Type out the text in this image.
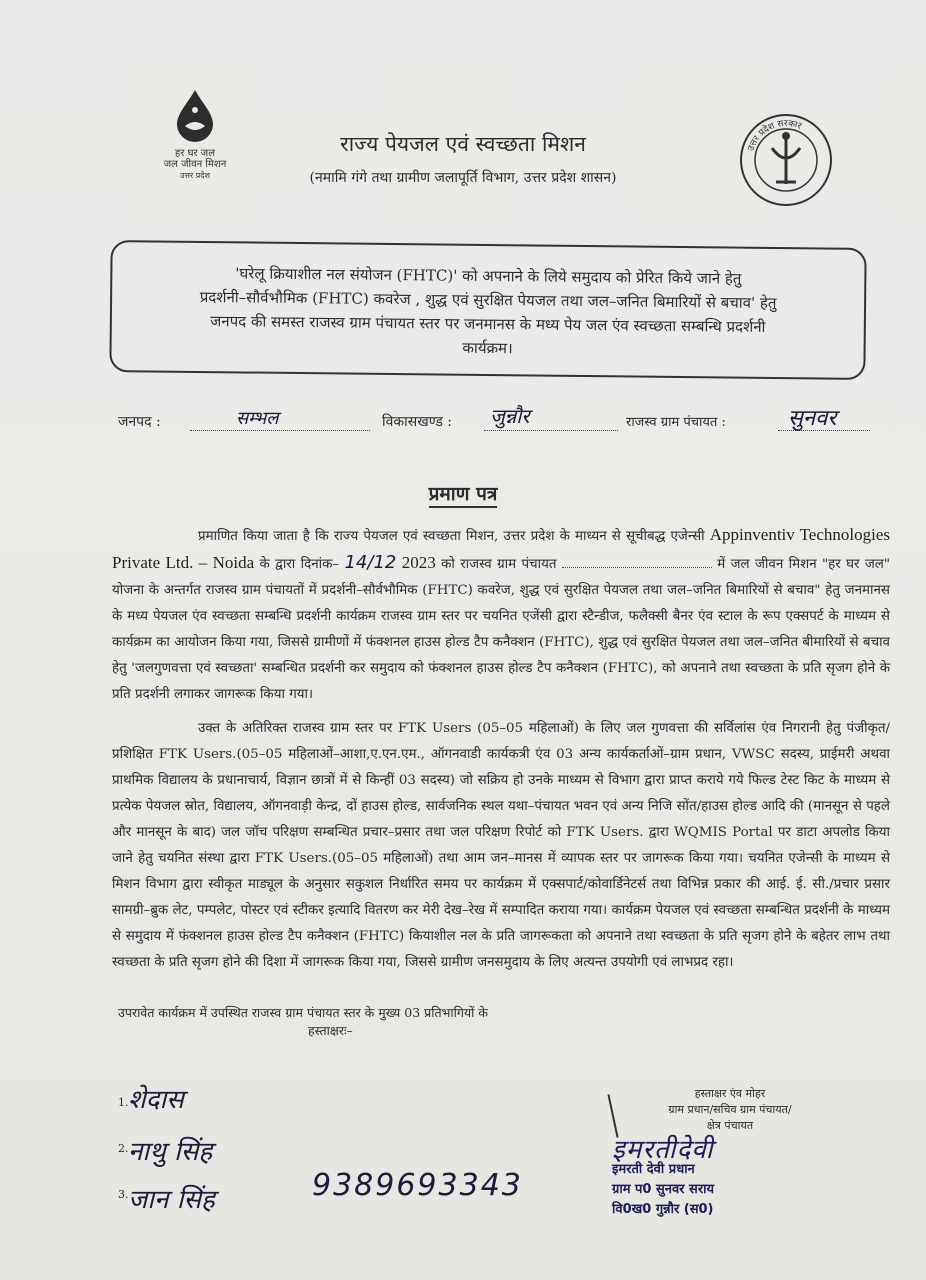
हर घर जल
जल जीवन मिशन
उत्तर प्रदेश
राज्य पेयजल एवं स्वच्छता मिशन
(नमामि गंगे तथा ग्रामीण जलापूर्ति विभाग, उत्तर प्रदेश शासन)
उत्तर प्रदेश सरकार
'घरेलू क्रियाशील नल संयोजन (FHTC)' को अपनाने के लिये समुदाय को प्रेरित किये जाने हेतु
प्रदर्शनी–सौर्वभौमिक (FHTC) कवरेज , शुद्ध एवं सुरक्षित पेयजल तथा जल–जनित बिमारियों से बचाव' हेतु
जनपद की समस्त राजस्व ग्राम पंचायत स्तर पर जनमानस के मध्य पेय जल एंव स्वच्छता सम्बन्धि प्रदर्शनी
कार्यक्रम।
जनपद :	सम्भल	विकासखण्ड : जुन्नौर	राजस्व ग्राम पंचायत :	सुनवर
प्रमाण पत्र
प्रमाणित किया जाता है कि राज्य पेयजल एवं स्वच्छता मिशन, उत्तर प्रदेश के माध्यन से सूचीबद्ध एजेन्सी Appinventiv Technologies Private Ltd. – Noida के द्वारा दिनांक– 14/12 2023 को राजस्व ग्राम पंचायत	में जल जीवन मिशन "हर घर जल" योजना के अन्तर्गत राजस्व ग्राम पंचायतों में प्रदर्शनी–सौर्वभौमिक (FHTC) कवरेज, शुद्ध एवं सुरक्षित पेयजल तथा जल–जनित बिमारियों से बचाव" हेतु जनमानस के मध्य पेयजल एंव स्वच्छता सम्बन्धि प्रदर्शनी कार्यक्रम राजस्व ग्राम स्तर पर चयनित एजेंसी द्वारा स्टैन्डीज, फलैक्सी बैनर एंव स्टाल के रूप एक्सपर्ट के माध्यम से कार्यक्रम का आयोजन किया गया, जिससे ग्रामीणों में फंक्शनल हाउस होल्ड टैप कनैक्शन (FHTC), शुद्ध एवं सुरक्षित पेयजल तथा जल–जनित बीमारियों से बचाव हेतु 'जलगुणवत्ता एवं स्वच्छता' सम्बन्धित प्रदर्शनी कर समुदाय को फंक्शनल हाउस होल्ड टैप कनैक्शन (FHTC), को अपनाने तथा स्वच्छता के प्रति सृजग होने के प्रति प्रदर्शनी लगाकर जागरूक किया गया।
उक्त के अतिरिक्त राजस्व ग्राम स्तर पर FTK Users (05–05 महिलाओं) के लिए जल गुणवत्ता की सर्विलांस एंव निगरानी हेतु पंजीकृत/प्रशिक्षित FTK Users.(05–05 महिलाओं–आशा,ए.एन.एम., ऑगनवाडी कार्यकत्री एंव 03 अन्य कार्यकर्ताओं–ग्राम प्रधान, VWSC सदस्य, प्राईमरी अथवा प्राथमिक विद्यालय के प्रधानाचार्य, विज्ञान छात्रों में से किन्हीं 03 सदस्य) जो सक्रिय हो उनके माध्यम से विभाग द्वारा प्राप्त कराये गये फिल्ड टेस्ट किट के माध्यम से प्रत्येक पेयजल स्रोत, विद्यालय, ऑगनवाड़ी केन्द्र, दों हाउस होल्ड, सार्वजनिक स्थल यथा–पंचायत भवन एवं अन्य निजि सोंत/हाउस होल्ड आदि की (मानसून से पहले और मानसून के बाद) जल जॉच परिक्षण सम्बन्धित प्रचार–प्रसार तथा जल परिक्षण रिपोर्ट को FTK Users. द्वारा WQMIS Portal पर डाटा अपलोड किया जाने हेतु चयनित संस्था द्वारा FTK Users.(05–05 महिलाओं) तथा आम जन–मानस में व्यापक स्तर पर जागरूक किया गया। चयनित एजेन्सी के माध्यम से मिशन विभाग द्वारा स्वीकृत माड्यूल के अनुसार सकुशल निर्धारित समय पर कार्यक्रम में एक्सपार्ट/कोवार्डिनेटर्स तथा विभिन्न प्रकार की आई. ई. सी./प्रचार प्रसार सामग्री–ब्रुक लेट, पम्पलेट, पोस्टर एवं स्टीकर इत्यादि वितरण कर मेरी देख–रेख में सम्पादित कराया गया। कार्यक्रम पेयजल एवं स्वच्छता सम्बन्धित प्रदर्शनी के माध्यम से समुदाय में फंक्शनल हाउस होल्ड टैप कनैक्शन (FHTC) कियाशील नल के प्रति जागरूकता को अपनाने तथा स्वच्छता के प्रति सृजग होने के बहेतर लाभ तथा स्वच्छता के प्रति सृजग होने की दिशा में जागरूक किया गया, जिससे ग्रामीण जनसमुदाय के लिए अत्यन्त उपयोगी एवं लाभप्रद रहा।
उपरावेत कार्यक्रम में उपस्थित राजस्व ग्राम पंचायत स्तर के मुख्य 03 प्रतिभागियों के
हस्ताक्षरः–
1. शेदास
2. नाथु सिंह
3. जान सिंह	9389693343
हस्ताक्षर एंव मोहर
ग्राम प्रधान/सचिव ग्राम पंचायत/
क्षेत्र पंचायत
इमरतीदेवी
इमरती देवी प्रधान
ग्राम प0 सुनवर सराय
वि0ख0 गुन्नौर (स0)
